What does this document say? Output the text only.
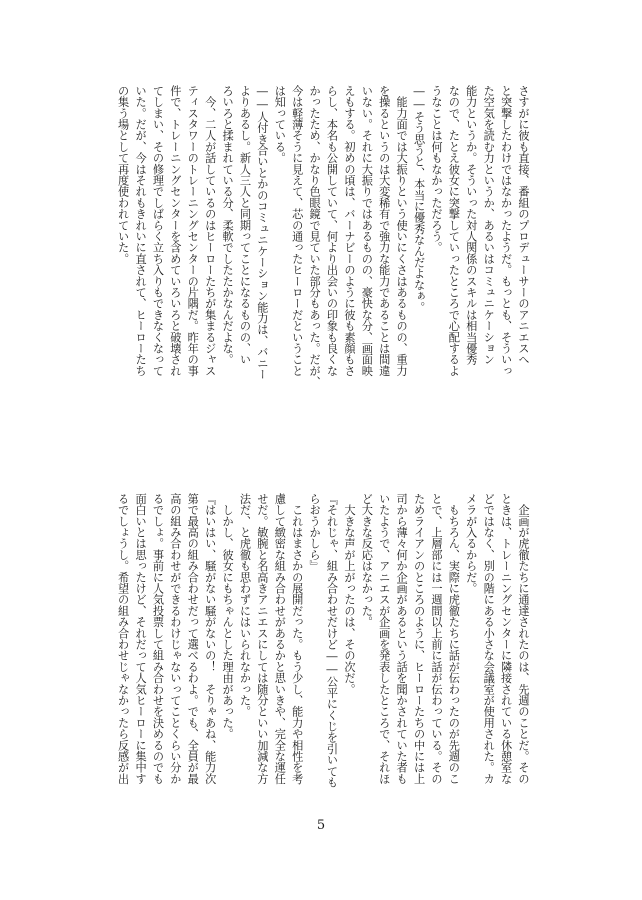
さすがに彼も直接、番組のプロデューサーのアニエスへ
と突撃したわけではなかったようだ。もっとも、そういっ
た空気を読む力というか、あるいはコミュニケーション
能力というか。そういった対人関係のスキルは相当優秀
なので、たとえ彼女に突撃していったところで心配するよ
うなことは何もなかっただろう。
――そう思うと、本当に優秀なんだよなぁ。
　能力面では大振りという使いにくさはあるものの、重力
を操るというのは大変稀有で強力な能力であることは間違
いない。それに大振りではあるものの、豪快な分、画面映
えもする。初めの頃は、バーナビーのように彼も素顔もさ
らし、本名も公開していて、何より出会いの印象も良くな
かったため、かなり色眼鏡で見ていた部分もあった。だが、
今は軽薄そうに見えて、芯の通ったヒーローだということ
は知っている。
――人付き合いとかのコミュニケーション能力は、バニー
よりあるし。新人三人と同期ってことになるものの、い
ろいろと揉まれている分、柔軟でしたたかなんだよな。
　今、二人が話しているのはヒーローたちが集まるジャス
ティスタワーのトレーニングセンターの片隅だ。昨年の事
件で、トレーニングセンターを含めていろいろと破壊され
てしまい、その修理でしばらく立ち入りもできなくなって
いた。だが、今はそれもきれいに直されて、ヒーローたち
の集う場として再度使われていた。
　企画が虎徹たちに通達されたのは、先週のことだ。その
ときは、トレーニングセンターに隣接されている休憩室な
どではなく、別の階にある小さな会議室が使用された。カ
メラが入るからだ。
　もちろん、実際に虎徹たちに話が伝わったのが先週のこ
とで、上層部には一週間以上前に話が伝わっている。その
ためライアンのところのように、ヒーローたちの中には上
司から薄々何か企画があるという話を聞かされていた者も
いたようで、アニエスが企画を発表したところで、それほ
ど大きな反応はなかった。
　大きな声が上がったのは、その次だ。
『それじゃ、組み合わせだけど――公平にくじを引いても
らおうかしら』
　これはまさかの展開だった。もう少し、能力や相性を考
慮して緻密な組み合わせがあるかと思いきや、完全な運任
せだ。敏腕と名高きアニエスにしては随分といい加減な方
法だ、と虎徹も思わずにはいられなかった。
　しかし、彼女にもちゃんとした理由があった。
『はいはい、騒がない騒がないの！　そりゃあね、能力次
第で最高の組み合わせだって選べるわよ。でも、全員が最
高の組み合わせができるわけじゃないってことくらい分か
るでしょ。事前に人気投票して組み合わせを決めるのでも
面白いとは思ったけど、それだって人気ヒーローに集中す
るでしょうし。希望の組み合わせじゃなかったら反感が出
5
